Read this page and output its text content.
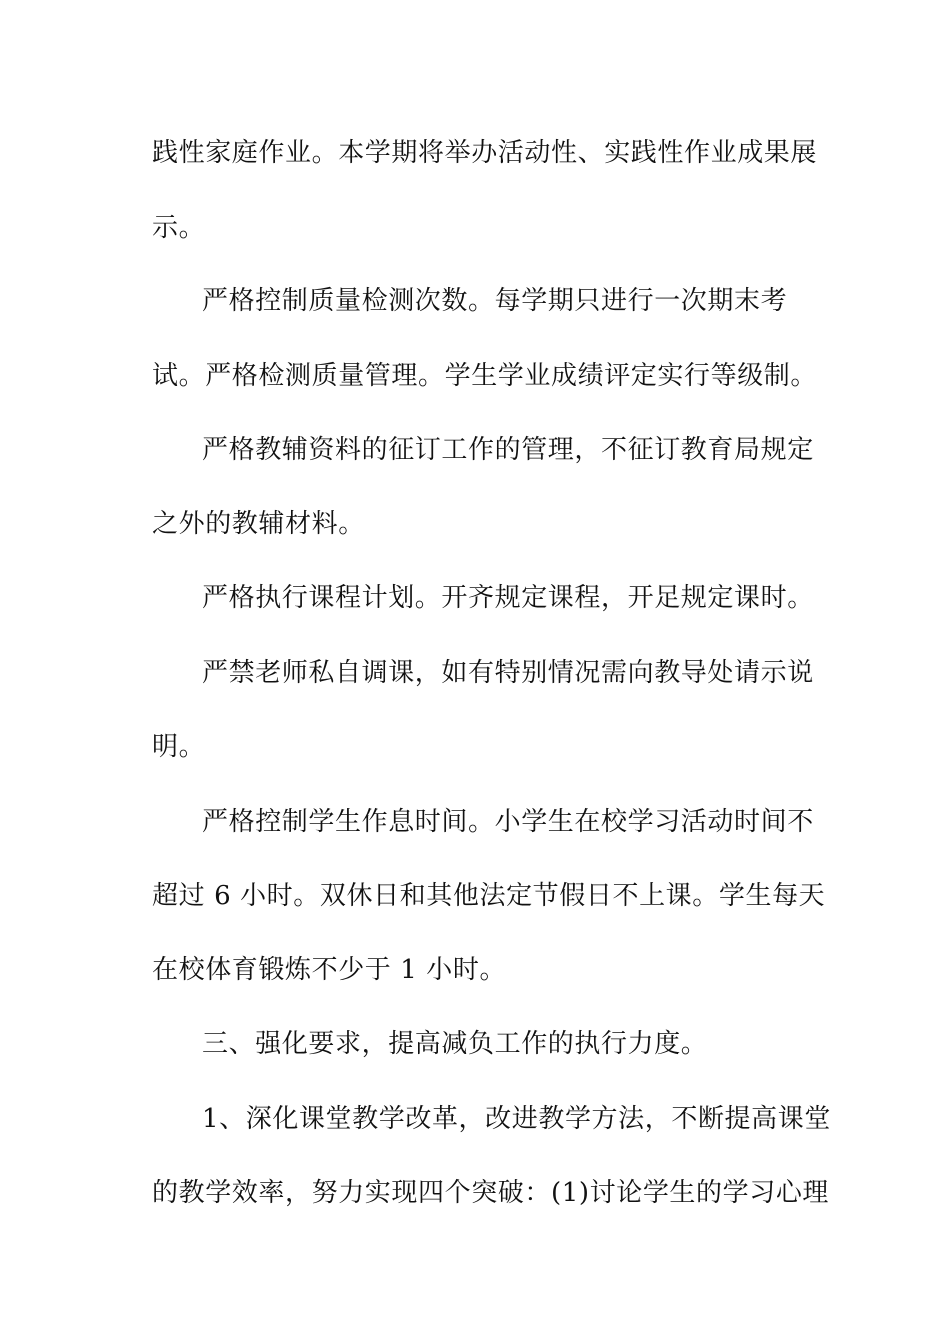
践性家庭作业。本学期将举办活动性、实践性作业成果展
示。
严格控制质量检测次数。每学期只进行一次期末考
试。严格检测质量管理。学生学业成绩评定实行等级制。
严格教辅资料的征订工作的管理，不征订教育局规定
之外的教辅材料。
严格执行课程计划。开齐规定课程，开足规定课时。
严禁老师私自调课，如有特别情况需向教导处请示说
明。
严格控制学生作息时间。小学生在校学习活动时间不
超过 6 小时。双休日和其他法定节假日不上课。学生每天
在校体育锻炼不少于 1 小时。
三、强化要求，提高减负工作的执行力度。
1、深化课堂教学改革，改进教学方法，不断提高课堂
的教学效率，努力实现四个突破：(1)讨论学生的学习心理
